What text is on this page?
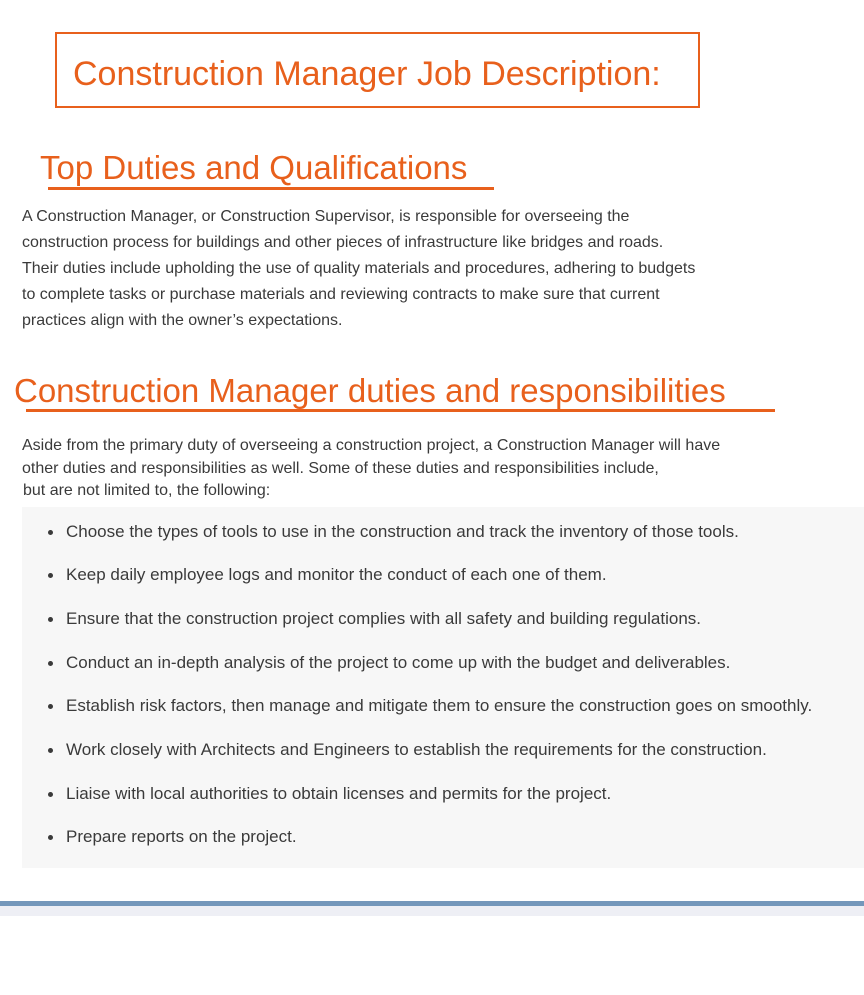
Construction Manager Job Description:
Top Duties and Qualifications
A Construction Manager, or Construction Supervisor, is responsible for overseeing the
construction process for buildings and other pieces of infrastructure like bridges and roads.
Their duties include upholding the use of quality materials and procedures, adhering to budgets
to complete tasks or purchase materials and reviewing contracts to make sure that current
practices align with the owner’s expectations.
Construction Manager duties and responsibilities
Aside from the primary duty of overseeing a construction project, a Construction Manager will have
other duties and responsibilities as well. Some of these duties and responsibilities include,
but are not limited to, the following:
Choose the types of tools to use in the construction and track the inventory of those tools.
Keep daily employee logs and monitor the conduct of each one of them.
Ensure that the construction project complies with all safety and building regulations.
Conduct an in-depth analysis of the project to come up with the budget and deliverables.
Establish risk factors, then manage and mitigate them to ensure the construction goes on smoothly.
Work closely with Architects and Engineers to establish the requirements for the construction.
Liaise with local authorities to obtain licenses and permits for the project.
Prepare reports on the project.
